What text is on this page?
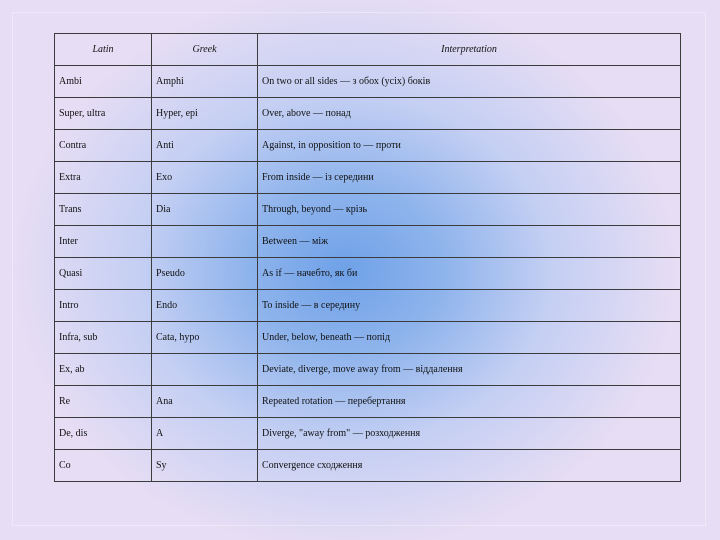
Latin	Greek	Interpretation
Ambi	Amphi	On two or all sides — з обох (усіх) боків
Super, ultra	Hyper, epi	Over, above — понад
Contra	Anti	Against, in opposition to — проти
Extra	Exo	From inside — із середини
Trans	Dia	Through, beyond — крізь
Inter		Between — між
Quasi	Pseudo	As if — начебто, як би
Intro	Endo	To inside — в середину
Infra, sub	Cata, hypo	Under, below, beneath — попід
Ex, ab		Deviate, diverge, move away from — віддалення
Re	Ana	Repeated rotation — перебертання
De, dis	A	Diverge, "away from" — розходження
Co	Sy	Convergence сходження
